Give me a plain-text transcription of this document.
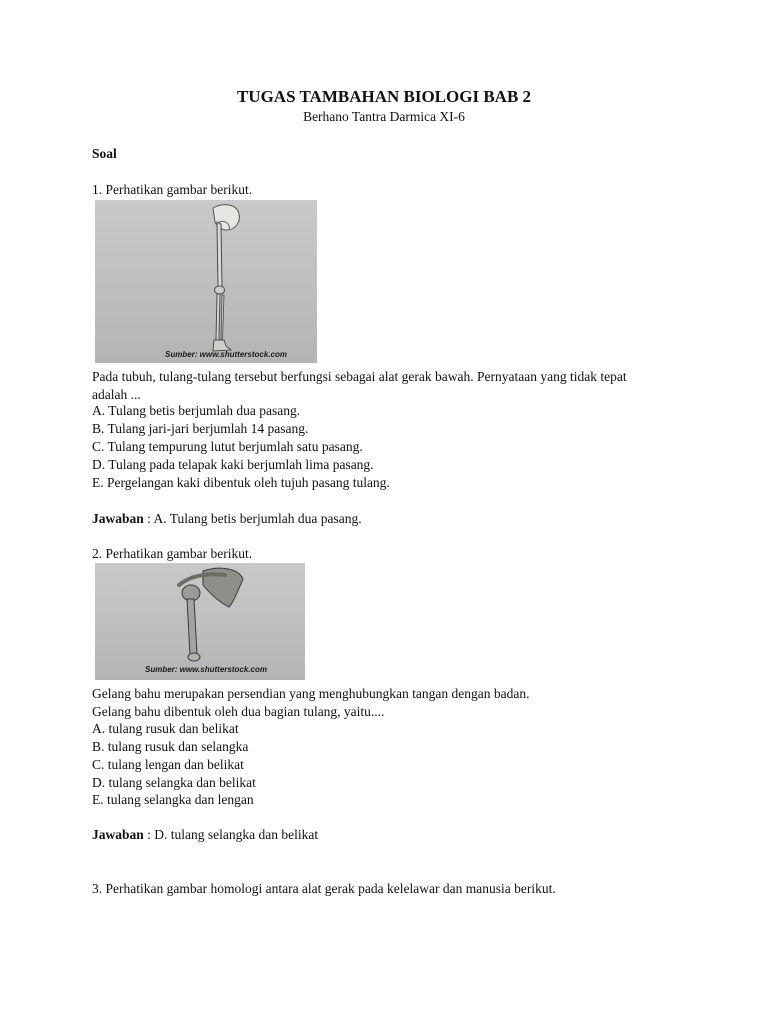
TUGAS TAMBAHAN BIOLOGI BAB 2

Berhano Tantra Darmica XI-6

Soal

1. Perhatikan gambar berikut.

Sumber: www.shutterstock.com

Pada tubuh, tulang-tulang tersebut berfungsi sebagai alat gerak bawah. Pernyataan yang tidak tepat

adalah ...

A. Tulang betis berjumlah dua pasang.

B. Tulang jari-jari berjumlah 14 pasang.

C. Tulang tempurung lutut berjumlah satu pasang.

D. Tulang pada telapak kaki berjumlah lima pasang.

E. Pergelangan kaki dibentuk oleh tujuh pasang tulang.

Jawaban : A. Tulang betis berjumlah dua pasang.

2. Perhatikan gambar berikut.

Sumber: www.shutterstock.com

Gelang bahu merupakan persendian yang menghubungkan tangan dengan badan.

Gelang bahu dibentuk oleh dua bagian tulang, yaitu....

A. tulang rusuk dan belikat

B. tulang rusuk dan selangka

C. tulang lengan dan belikat

D. tulang selangka dan belikat

E. tulang selangka dan lengan

Jawaban : D. tulang selangka dan belikat

3. Perhatikan gambar homologi antara alat gerak pada kelelawar dan manusia berikut.
